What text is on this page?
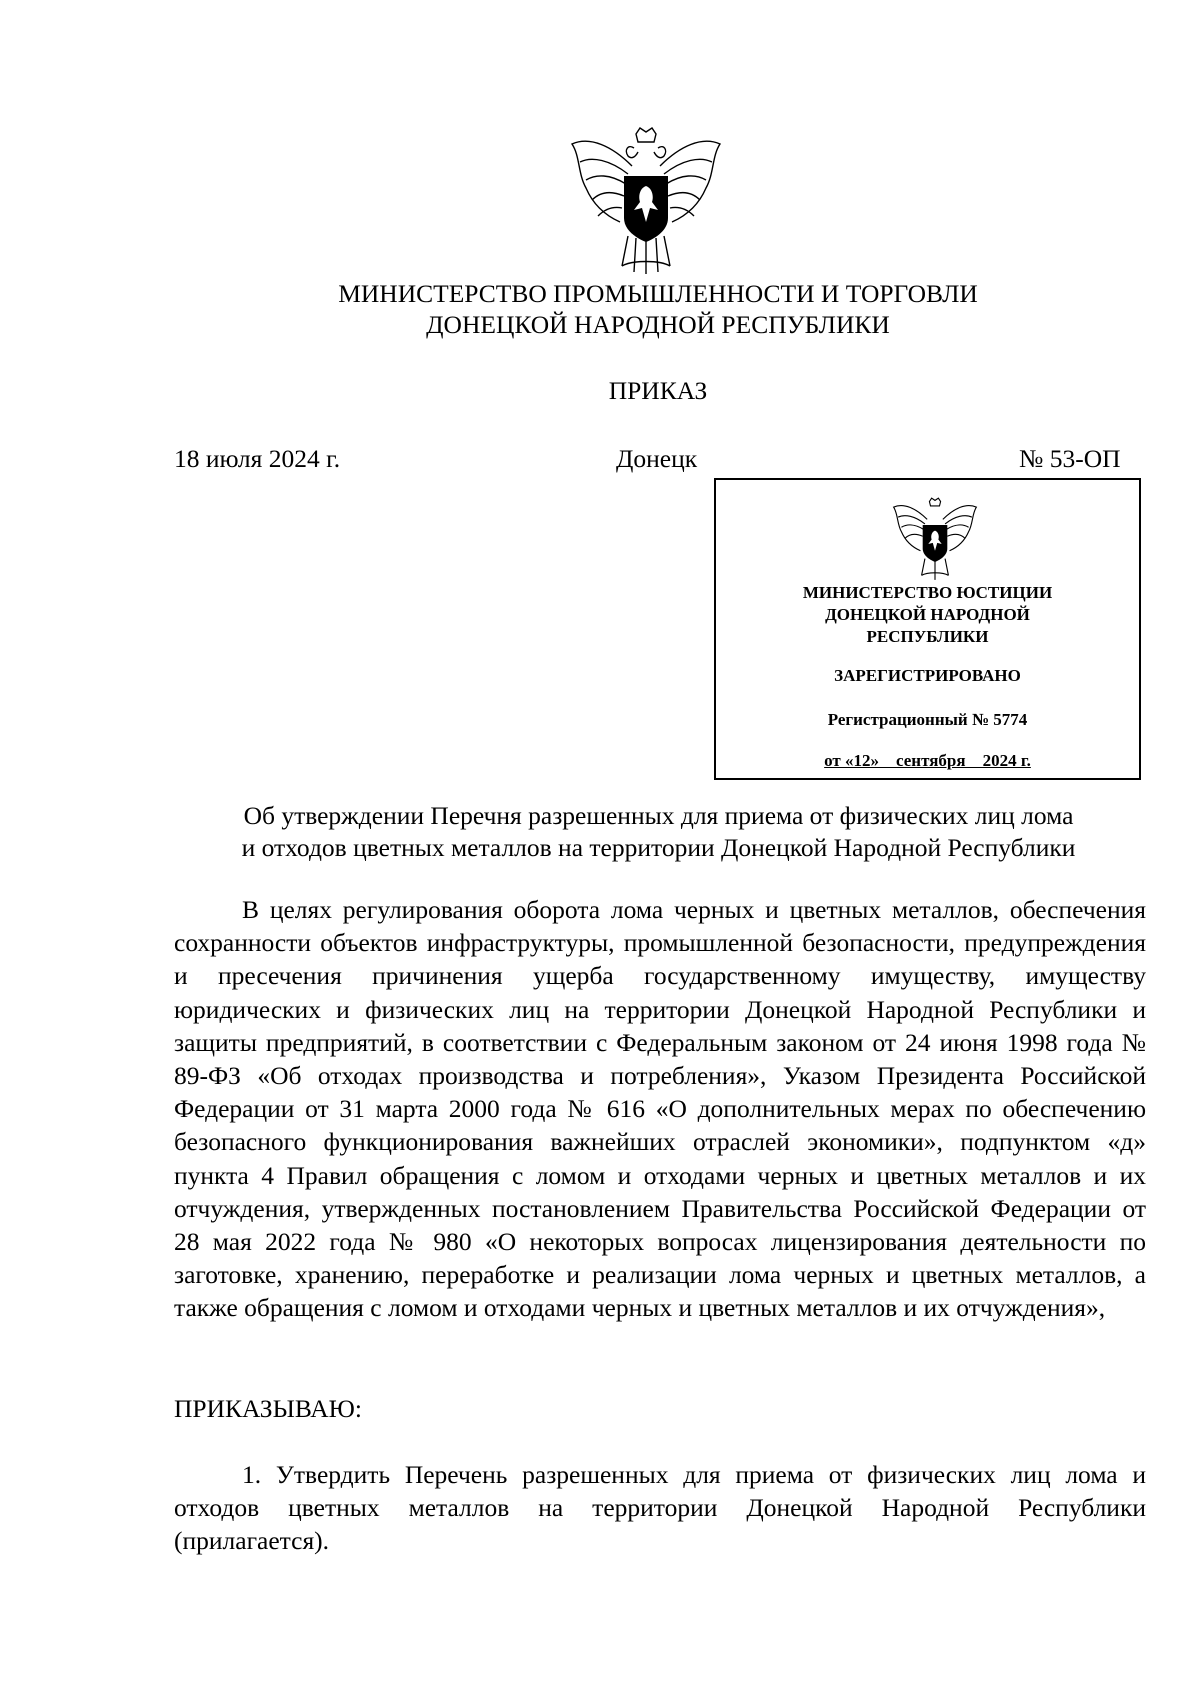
МИНИСТЕРСТВО ПРОМЫШЛЕННОСТИ И ТОРГОВЛИ
ДОНЕЦКОЙ НАРОДНОЙ РЕСПУБЛИКИ
ПРИКАЗ
18 июля 2024 г.	Донецк	№ 53-ОП
МИНИСТЕРСТВО ЮСТИЦИИ
ДОНЕЦКОЙ НАРОДНОЙ
РЕСПУБЛИКИ
ЗАРЕГИСТРИРОВАНО
Регистрационный № 5774
от «12»    сентября    2024 г.
Об утверждении Перечня разрешенных для приема от физических лиц лома
и отходов цветных металлов на территории Донецкой Народной Республики

В целях регулирования оборота лома черных и цветных металлов, обеспечения сохранности объектов инфраструктуры, промышленной безопасности, предупреждения и пресечения причинения ущерба государственному имуществу, имуществу юридических и физических лиц на территории Донецкой Народной Республики и защиты предприятий, в соответствии с Федеральным законом от 24 июня 1998 года № 89-ФЗ «Об отходах производства и потребления», Указом Президента Российской Федерации от 31 марта 2000 года № 616 «О дополнительных мерах по обеспечению безопасного функционирования важнейших отраслей экономики», подпунктом «д» пункта 4 Правил обращения с ломом и отходами черных и цветных металлов и их отчуждения, утвержденных постановлением Правительства Российской Федерации от 28 мая 2022 года № 980 «О некоторых вопросах лицензирования деятельности по заготовке, хранению, переработке и реализации лома черных и цветных металлов, а также обращения с ломом и отходами черных и цветных металлов и их отчуждения»,

ПРИКАЗЫВАЮ:

1. Утвердить Перечень разрешенных для приема от физических лиц лома и отходов цветных металлов на территории Донецкой Народной Республики (прилагается).
